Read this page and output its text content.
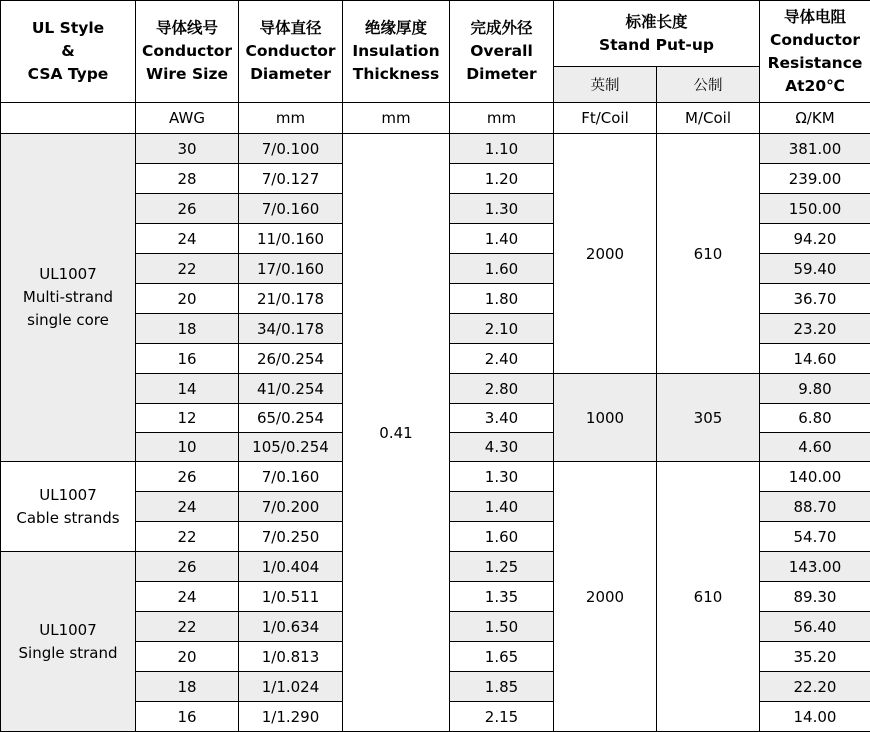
UL Style
&
CSA Type	导体线号
Conductor
Wire Size	导体直径
Conductor
Diameter	绝缘厚度
Insulation
Thickness	完成外径
Overall
Dimeter	标准长度
Stand Put-up		导体电阻
Conductor
Resistance
At20℃

					英制	公制	
	AWG	mm	mm	mm	Ft/Coil	M/Coil	Ω/KM

UL1007
Multi-strand
single core	30	7/0.100	0.41	1.10	2000	610	381.00
	28	7/0.127		1.20			239.00
	26	7/0.160		1.30			150.00
	24	11/0.160		1.40			94.20
	22	17/0.160		1.60			59.40
	20	21/0.178		1.80			36.70
	18	34/0.178		2.10			23.20
	16	26/0.254		2.40			14.60
	14	41/0.254		2.80	1000	305	9.80
	12	65/0.254		3.40			6.80
	10	105/0.254		4.30			4.60

UL1007
Cable strands	26	7/0.160		1.30	2000	610	140.00
	24	7/0.200		1.40			88.70
	22	7/0.250		1.60			54.70

UL1007
Single strand	26	1/0.404		1.25			143.00
	24	1/0.511		1.35			89.30
	22	1/0.634		1.50			56.40
	20	1/0.813		1.65			35.20
	18	1/1.024		1.85			22.20
	16	1/1.290		2.15			14.00
